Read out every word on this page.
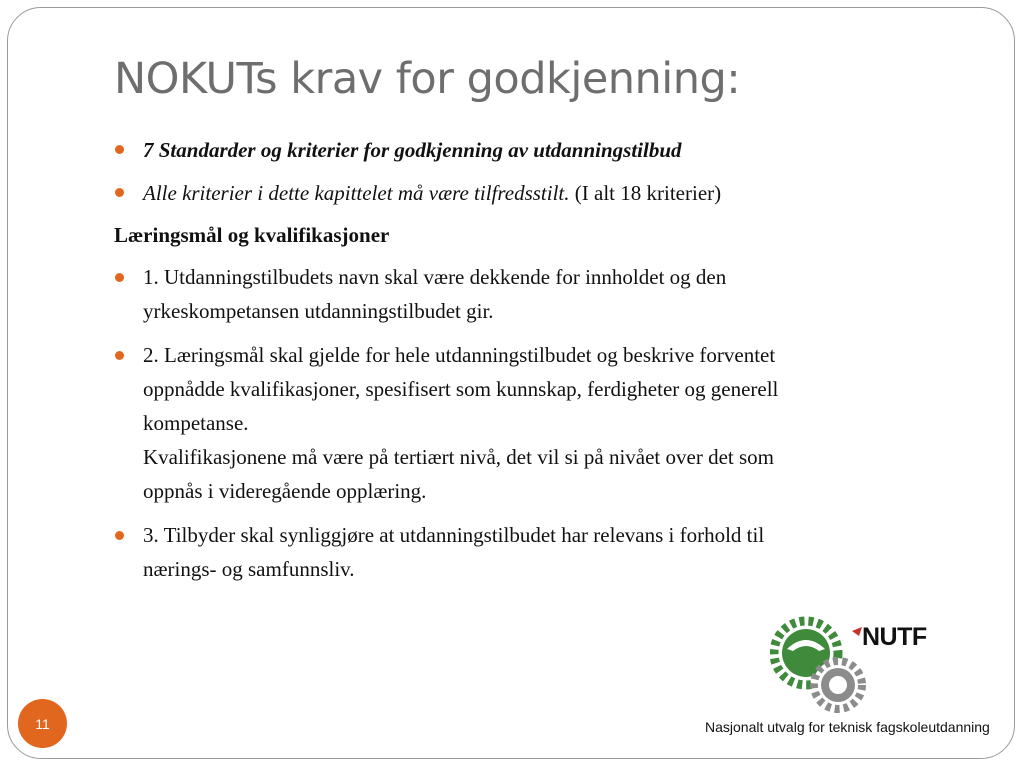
NOKUTs krav for godkjenning:
7 Standarder og kriterier for godkjenning av utdanningstilbud
Alle kriterier i dette kapittelet må være tilfredsstilt. (I alt 18 kriterier)
Læringsmål og kvalifikasjoner
1. Utdanningstilbudets navn skal være dekkende for innholdet og den
yrkeskompetansen utdanningstilbudet gir.
2. Læringsmål skal gjelde for hele utdanningstilbudet og beskrive forventet
oppnådde kvalifikasjoner, spesifisert som kunnskap, ferdigheter og generell
kompetanse.
Kvalifikasjonene må være på tertiært nivå, det vil si på nivået over det som
oppnås i videregående opplæring.
3. Tilbyder skal synliggjøre at utdanningstilbudet har relevans i forhold til
nærings- og samfunnsliv.
NUTF
Nasjonalt utvalg for teknisk fagskoleutdanning
11
